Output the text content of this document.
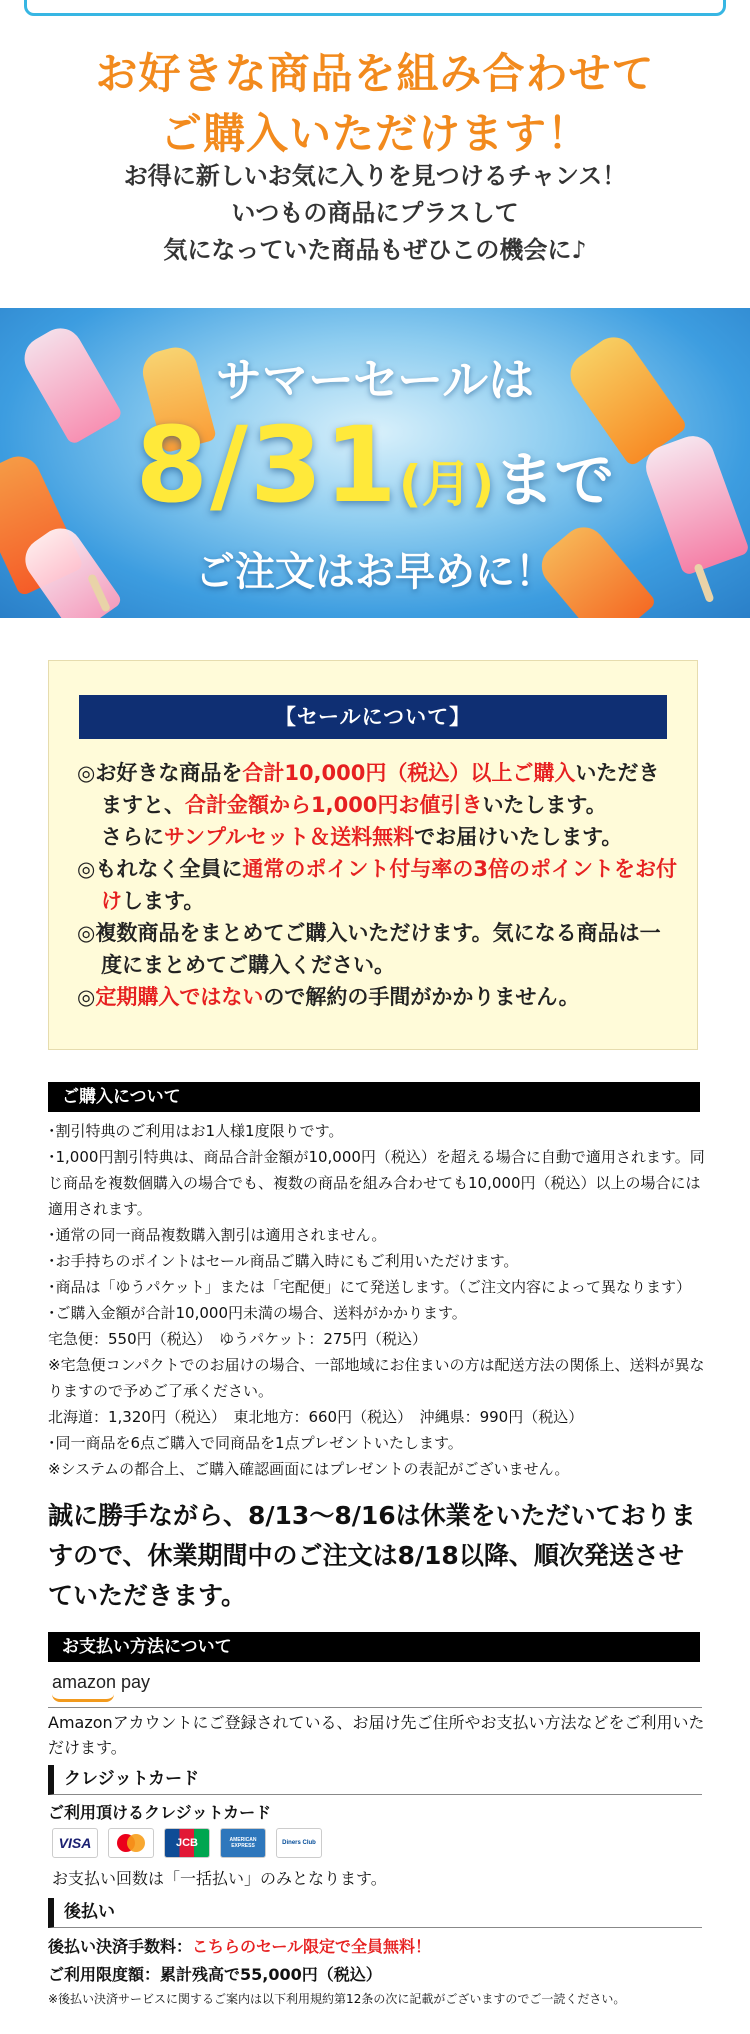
お好きな商品を組み合わせて
ご購入いただけます！
お得に新しいお気に入りを見つけるチャンス！
いつもの商品にプラスして
気になっていた商品もぜひこの機会に♪
サマーセールは
8/31(月)まで
ご注文はお早めに！
【セールについて】
◎お好きな商品を合計10,000円（税込）以上ご購入いただきますと、合計金額から1,000円お値引きいたします。
さらにサンプルセット＆送料無料でお届けいたします。
◎もれなく全員に通常のポイント付与率の3倍のポイントをお付けします。
◎複数商品をまとめてご購入いただけます。気になる商品は一度にまとめてご購入ください。
◎定期購入ではないので解約の手間がかかりません。
ご購入について
･割引特典のご利用はお1人様1度限りです。
･1,000円割引特典は、商品合計金額が10,000円（税込）を超える場合に自動で適用されます。同じ商品を複数個購入の場合でも、複数の商品を組み合わせても10,000円（税込）以上の場合には適用されます。
･通常の同一商品複数購入割引は適用されません。
･お手持ちのポイントはセール商品ご購入時にもご利用いただけます。
･商品は「ゆうパケット」または「宅配便」にて発送します。（ご注文内容によって異なります）
･ご購入金額が合計10,000円未満の場合、送料がかかります。
宅急便：550円（税込）　ゆうパケット：275円（税込）
※宅急便コンパクトでのお届けの場合、一部地域にお住まいの方は配送方法の関係上、送料が異なりますので予めご了承ください。
北海道：1,320円（税込）　東北地方：660円（税込）　沖縄県：990円（税込）
･同一商品を6点ご購入で同商品を1点プレゼントいたします。
※システムの都合上、ご購入確認画面にはプレゼントの表記がございません。
誠に勝手ながら、8/13〜8/16は休業をいただいておりますので、休業期間中のご注文は8/18以降、順次発送させていただきます。
お支払い方法について
amazon pay
Amazonアカウントにご登録されている、お届け先ご住所やお支払い方法などをご利用いただけます。
クレジットカード
ご利用頂けるクレジットカード
VISA	JCB	AMERICAN EXPRESS	Diners Club
お支払い回数は「一括払い」のみとなります。
後払い
後払い決済手数料：こちらのセール限定で全員無料！
ご利用限度額：累計残高で55,000円（税込）
※後払い決済サービスに関するご案内は以下利用規約第12条の次に記載がございますのでご一読ください。
